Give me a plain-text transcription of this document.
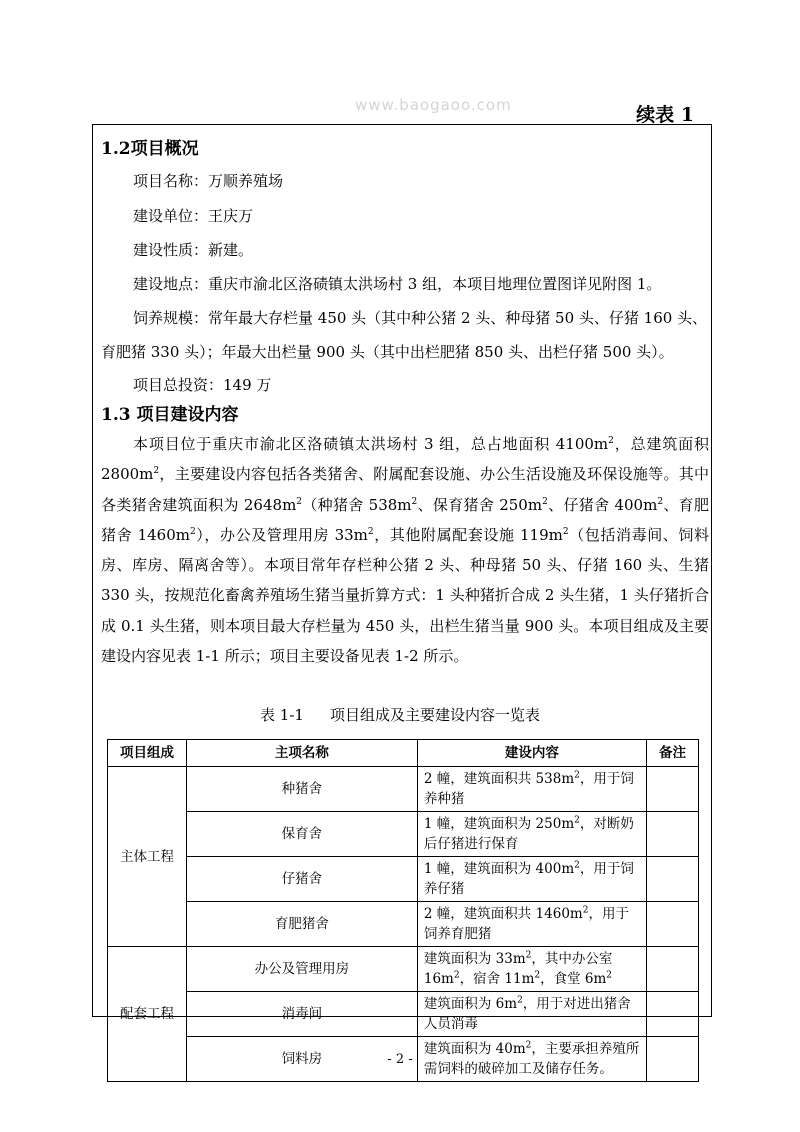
www.baogaoo.com	续表 1
1.2项目概况
项目名称：万顺养殖场
建设单位：王庆万
建设性质：新建。
建设地点：重庆市渝北区洛碛镇太洪场村 3 组，本项目地理位置图详见附图 1。
饲养规模：常年最大存栏量 450 头（其中种公猪 2 头、种母猪 50 头、仔猪 160 头、
育肥猪 330 头）；年最大出栏量 900 头（其中出栏肥猪 850 头、出栏仔猪 500 头）。
项目总投资：149 万
1.3 项目建设内容

本项目位于重庆市渝北区洛碛镇太洪场村 3 组，总占地面积 $4100m^2$，总建筑面积 $2800m^2$，主要建设内容包括各类猪舍、附属配套设施、办公生活设施及环保设施等。其中各类猪舍建筑面积为 $2648m^2$（种猪舍 $538m^2$、保育猪舍 $250m^2$、仔猪舍 $400m^2$、育肥猪舍 $1460m^2$），办公及管理用房 $33m^2$，其他附属配套设施 $119m^2$（包括消毒间、饲料房、库房、隔离舍等）。本项目常年存栏种公猪 2 头、种母猪 50 头、仔猪 160 头、生猪 330 头，按规范化畜禽养殖场生猪当量折算方式：1 头种猪折合成 2 头生猪，1 头仔猪折合成 0.1 头生猪，则本项目最大存栏量为 450 头，出栏生猪当量 900 头。本项目组成及主要建设内容见表 1-1 所示；项目主要设备见表 1-2 所示。

表 1-1 项目组成及主要建设内容一览表
项目组成	主项名称	建设内容	备注
主体工程	种猪舍	2 幢，建筑面积共 $538m^2$，用于饲养种猪	
	保育舍	1 幢，建筑面积为 $250m^2$，对断奶后仔猪进行保育	
	仔猪舍	1 幢，建筑面积为 $400m^2$，用于饲养仔猪	
	育肥猪舍	2 幢，建筑面积共 $1460m^2$，用于饲养育肥猪	
配套工程	办公及管理用房	建筑面积为 $33m^2$，其中办公室 $16m^2$，宿舍 $11m^2$，食堂 $6m^2$	
	消毒间	建筑面积为 $6m^2$，用于对进出猪舍人员消毒	
	饲料房	建筑面积为 $40m^2$，主要承担养殖所需饲料的破碎加工及储存任务。	
- 2 -
